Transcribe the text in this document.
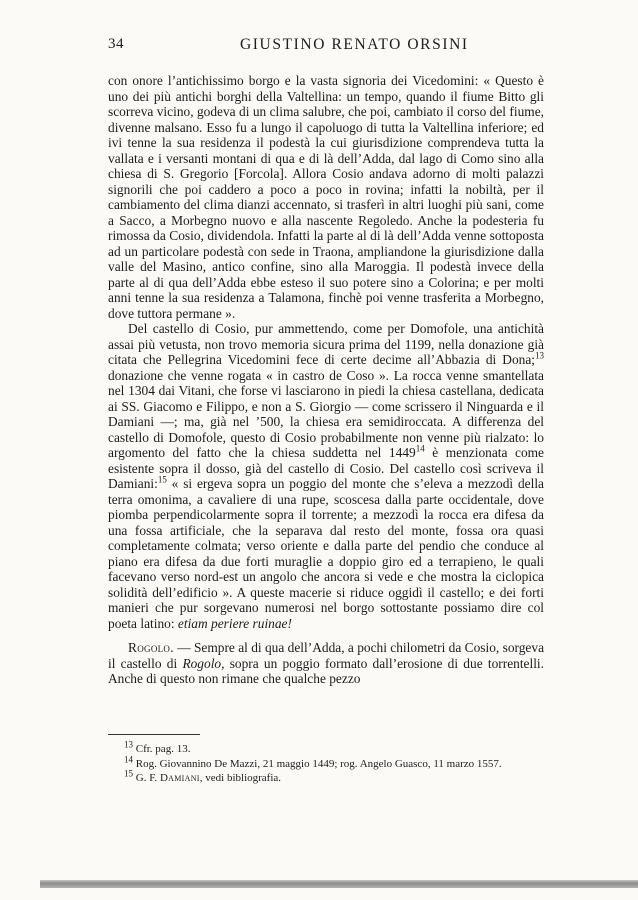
34	GIUSTINO RENATO ORSINI

con onore l’antichissimo borgo e la vasta signoria dei Vicedomini: « Questo è uno dei più antichi borghi della Valtellina: un tempo, quando il fiume Bitto gli scorreva vicino, godeva di un clima salubre, che poi, cambiato il corso del fiume, divenne malsano. Esso fu a lungo il capoluogo di tutta la Valtellina inferiore; ed ivi tenne la sua residenza il podestà la cui giurisdizione comprendeva tutta la vallata e i versanti montani di qua e di là dell’Adda, dal lago di Como sino alla chiesa di S. Gregorio [Forcola]. Allora Cosio andava adorno di molti palazzi signorili che poi caddero a poco a poco in rovina; infatti la nobiltà, per il cambiamento del clima dianzi accennato, si trasferì in altri luoghi più sani, come a Sacco, a Morbegno nuovo e alla nascente Regoledo. Anche la podesteria fu rimossa da Cosio, dividendola. Infatti la parte al di là dell’Adda venne sottoposta ad un particolare podestà con sede in Traona, ampliandone la giurisdizione dalla valle del Masino, antico confine, sino alla Maroggia. Il podestà invece della parte al di qua dell’Adda ebbe esteso il suo potere sino a Colorina; e per molti anni tenne la sua residenza a Talamona, finchè poi venne trasferita a Morbegno, dove tuttora permane ».

Del castello di Cosio, pur ammettendo, come per Domofole, una antichità assai più vetusta, non trovo memoria sicura prima del 1199, nella donazione già citata che Pellegrina Vicedomini fece di certe decime all’Abbazia di Dona;$^{13}$ donazione che venne rogata « in castro de Coso ». La rocca venne smantellata nel 1304 dai Vitani, che forse vi lasciarono in piedi la chiesa castellana, dedicata ai SS. Giacomo e Filippo, e non a S. Giorgio — come scrissero il Ninguarda e il Damiani —; ma, già nel ’500, la chiesa era semidiroccata. A differenza del castello di Domofole, questo di Cosio probabilmente non venne più rialzato: lo argomento del fatto che la chiesa suddetta nel 1449$^{14}$ è menzionata come esistente sopra il dosso, già del castello di Cosio. Del castello così scriveva il Damiani:$^{15}$ « si ergeva sopra un poggio del monte che s’eleva a mezzodì della terra omonima, a cavaliere di una rupe, scoscesa dalla parte occidentale, dove piomba perpendicolarmente sopra il torrente; a mezzodì la rocca era difesa da una fossa artificiale, che la separava dal resto del monte, fossa ora quasi completamente colmata; verso oriente e dalla parte del pendio che conduce al piano era difesa da due forti muraglie a doppio giro ed a terrapieno, le quali facevano verso nord-est un angolo che ancora si vede e che mostra la ciclopica solidità dell’edificio ». A queste macerie si riduce oggidì il castello; e dei forti manieri che pur sorgevano numerosi nel borgo sottostante possiamo dire col poeta latino: etiam periere ruinae!

Rogolo. — Sempre al di qua dell’Adda, a pochi chilometri da Cosio, sorgeva il castello di Rogolo, sopra un poggio formato dall’erosione di due torrentelli. Anche di questo non rimane che qualche pezzo

$^{13}$ Cfr. pag. 13.

$^{14}$ Rog. Giovannino De Mazzi, 21 maggio 1449; rog. Angelo Guasco, 11 marzo 1557.

$^{15}$ G. F. Damiani, vedi bibliografia.
